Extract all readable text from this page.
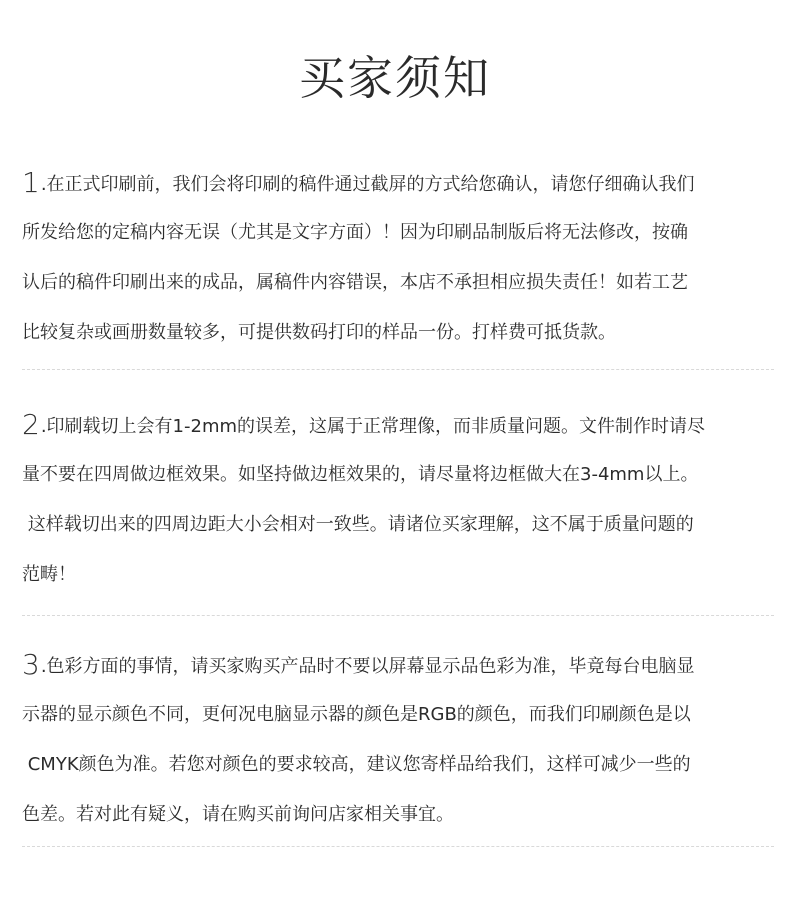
买家须知
1.在正式印刷前，我们会将印刷的稿件通过截屏的方式给您确认，请您仔细确认我们
所发给您的定稿内容无误（尤其是文字方面）！因为印刷品制版后将无法修改，按确
认后的稿件印刷出来的成品，属稿件内容错误，本店不承担相应损失责任！如若工艺
比较复杂或画册数量较多，可提供数码打印的样品一份。打样费可抵货款。
2.印刷载切上会有1-2mm的误差，这属于正常理像，而非质量问题。文件制作时请尽
量不要在四周做边框效果。如坚持做边框效果的，请尽量将边框做大在3-4mm以上。
这样载切出来的四周边距大小会相对一致些。请诸位买家理解，这不属于质量问题的
范畴！
3.色彩方面的事情，请买家购买产品时不要以屏幕显示品色彩为准，毕竟每台电脑显
示器的显示颜色不同，更何况电脑显示器的颜色是RGB的颜色，而我们印刷颜色是以
CMYK颜色为准。若您对颜色的要求较高，建议您寄样品给我们，这样可减少一些的
色差。若对此有疑义，请在购买前询问店家相关事宜。
